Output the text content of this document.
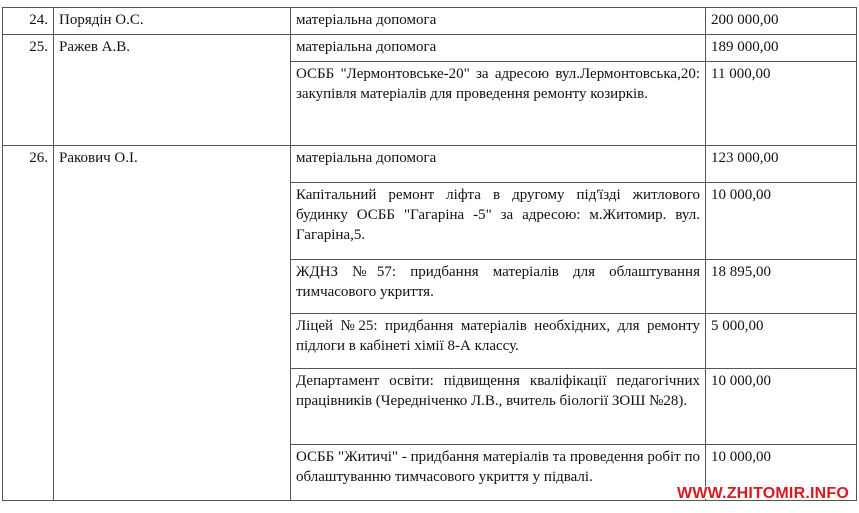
24.	Порядін О.С.	матеріальна допомога	200 000,00
25.	Ражев А.В.	матеріальна допомога	189 000,00
		ОСББ "Лермонтовське-20" за адресою вул.Лермонтовська,20: закупівля матеріалів для проведення ремонту козирків.	11 000,00
26.	Ракович О.І.	матеріальна допомога	123 000,00
		Капітальний ремонт ліфта в другому під'їзді житлового будинку ОСББ "Гагаріна -5" за адресою: м.Житомир. вул. Гагаріна,5.	10 000,00
		ЖДНЗ №57: придбання матеріалів для облаштування тимчасового укриття.	18 895,00
		Ліцей №25: придбання матеріалів необхідних, для ремонту підлоги в кабінеті хімії 8-А классу.	5 000,00
		Департамент освіти: підвищення кваліфікації педагогічних працівників (Чередніченко Л.В., вчитель біології ЗОШ №28).	10 000,00
		ОСББ "Житичі" - придбання матеріалів та проведення робіт по облаштуванню тимчасового укриття у підвалі.	10 000,00
WWW.ZHITOMIR.INFO
